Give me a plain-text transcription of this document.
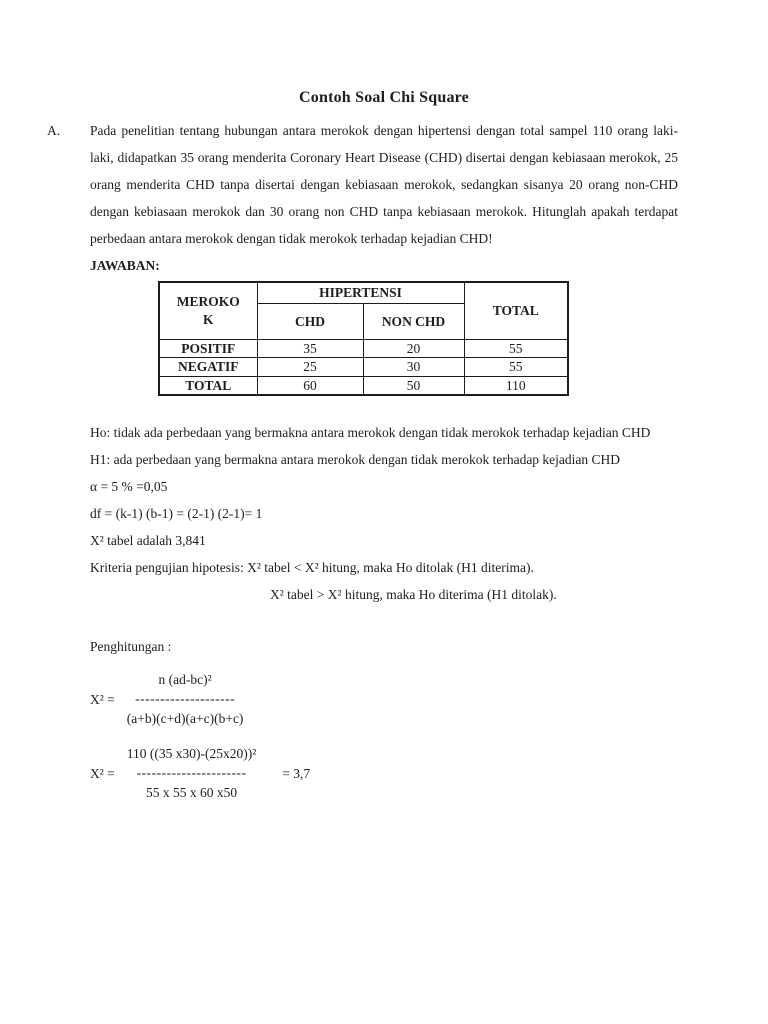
Contoh Soal Chi Square
A. Pada penelitian tentang hubungan antara merokok dengan hipertensi dengan total sampel 110 orang laki-laki, didapatkan 35 orang menderita Coronary Heart Disease (CHD) disertai dengan kebiasaan merokok, 25 orang menderita CHD tanpa disertai dengan kebiasaan merokok, sedangkan sisanya 20 orang non-CHD dengan kebiasaan merokok dan 30 orang non CHD tanpa kebiasaan merokok. Hitunglah apakah terdapat perbedaan antara merokok dengan tidak merokok terhadap kejadian CHD!
JAWABAN:
MEROKO K	HIPERTENSI		TOTAL
	CHD	NON CHD	
POSITIF	35	20	55
NEGATIF	25	30	55
TOTAL	60	50	110
Ho: tidak ada perbedaan yang bermakna antara merokok dengan tidak merokok terhadap kejadian CHD
H1: ada perbedaan yang bermakna antara merokok dengan tidak merokok terhadap kejadian CHD
α = 5 % =0,05
df = (k-1) (b-1) = (2-1) (2-1)= 1
X² tabel adalah 3,841
Kriteria pengujian hipotesis: X² tabel < X² hitung, maka Ho ditolak (H1 diterima).
X² tabel > X² hitung, maka Ho diterima (H1 ditolak).
Penghitungan :
X² =
n (ad-bc)²
--------------------
(a+b)(c+d)(a+c)(b+c)
X² =
110 ((35 x30)-(25x20))²
----------------------
55 x 55 x 60 x50
= 3,7
